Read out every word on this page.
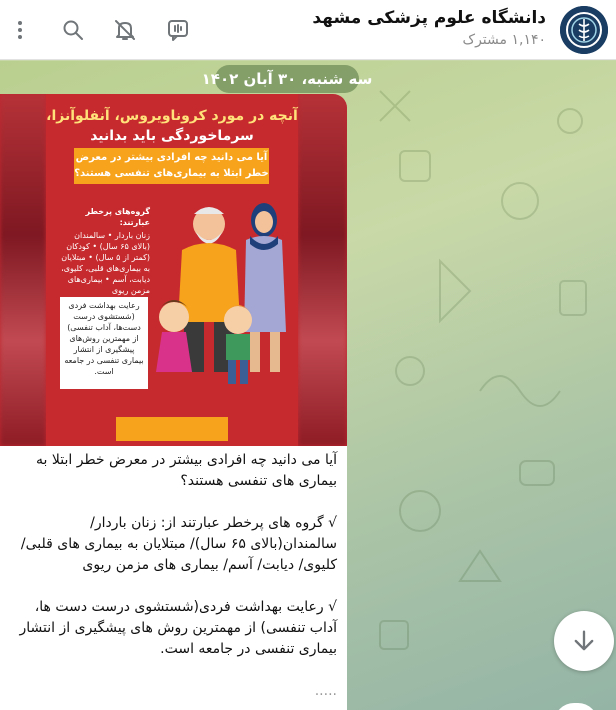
دانشگاه علوم پزشکی مشهد
۱,۱۴۰ مشترک
سه شنبه، ۳۰ آبان ۱۴۰۲
آنچه در مورد کروناویروس، آنفلوآنزا،
سرماخوردگی باید بدانید
آیا می دانید چه افرادی بیشتر در معرض خطر ابتلا به بیماری‌های تنفسی هستند؟
گروه‌های پرخطر عبارتند:
زنان باردار • سالمندان (بالای ۶۵ سال) • کودکان (کمتر از ۵ سال) • مبتلایان به بیماری‌های قلبی، کلیوی، دیابت، آسم • بیماری‌های مزمن ریوی
رعایت بهداشت فردی (شستشوی درست دست‌ها، آداب تنفسی) از مهمترین روش‌های پیشگیری از انتشار بیماری تنفسی در جامعه است.

آیا می دانید چه افرادی بیشتر در معرض خطر ابتلا به بیماری های تنفسی هستند؟

√ گروه های پرخطر عبارتند از: زنان باردار/ سالمندان(بالای ۶۵ سال)/ مبتلایان به بیماری های قلبی/ کلیوی/ دیابت/ آسم/ بیماری های مزمن ریوی

√ رعایت بهداشت فردی(شستشوی درست دست ها، آداب تنفسی) از مهمترین روش های پیشگیری از انتشار بیماری تنفسی در جامعه است.

.....
